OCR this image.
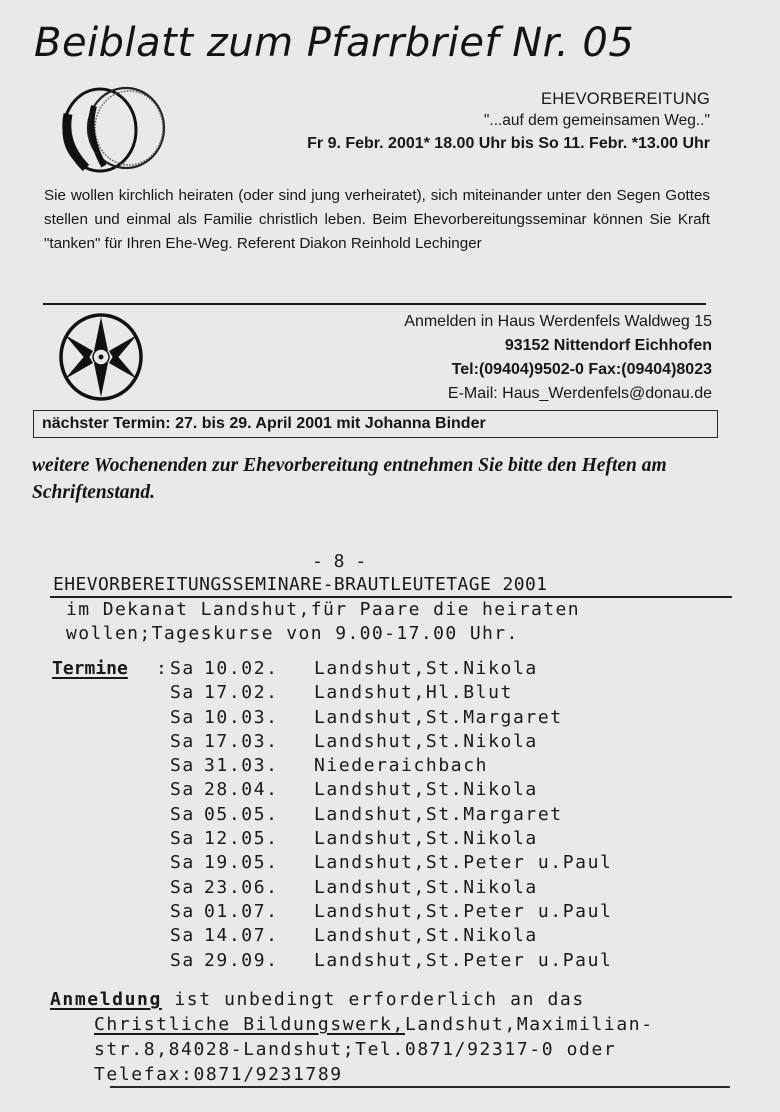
Beiblatt zum Pfarrbrief Nr. 05
EHEVORBEREITUNG
"...auf dem gemeinsamen Weg.."
Fr 9. Febr. 2001* 18.00 Uhr bis So 11. Febr. *13.00 Uhr
Sie wollen kirchlich heiraten (oder sind jung verheiratet), sich miteinander unter den Segen Gottes stellen und einmal als Familie christlich leben. Beim Ehevorbereitungsseminar können Sie Kraft "tanken" für Ihren Ehe-Weg. Referent Diakon Reinhold Lechinger
Anmelden in Haus Werdenfels Waldweg 15
93152 Nittendorf Eichhofen
Tel:(09404)9502-0 Fax:(09404)8023
E-Mail: Haus_Werdenfels@donau.de
nächster Termin: 27. bis 29. April 2001 mit Johanna Binder
weitere Wochenenden zur Ehevorbereitung entnehmen Sie bitte den Heften am Schriftenstand.
- 8 -
EHEVORBEREITUNGSSEMINARE-BRAUTLEUTETAGE 2001
im Dekanat Landshut,für Paare die heiraten
wollen;Tageskurse von 9.00-17.00 Uhr.
Termine : Sa 10.02. Landshut,St.Nikola
Sa 17.02. Landshut,Hl.Blut
Sa 10.03. Landshut,St.Margaret
Sa 17.03. Landshut,St.Nikola
Sa 31.03. Niederaichbach
Sa 28.04. Landshut,St.Nikola
Sa 05.05. Landshut,St.Margaret
Sa 12.05. Landshut,St.Nikola
Sa 19.05. Landshut,St.Peter u.Paul
Sa 23.06. Landshut,St.Nikola
Sa 01.07. Landshut,St.Peter u.Paul
Sa 14.07. Landshut,St.Nikola
Sa 29.09. Landshut,St.Peter u.Paul
Anmeldung ist unbedingt erforderlich an das
Christliche Bildungswerk,Landshut,Maximilian-
str.8,84028-Landshut;Tel.0871/92317-0 oder
Telefax:0871/9231789
